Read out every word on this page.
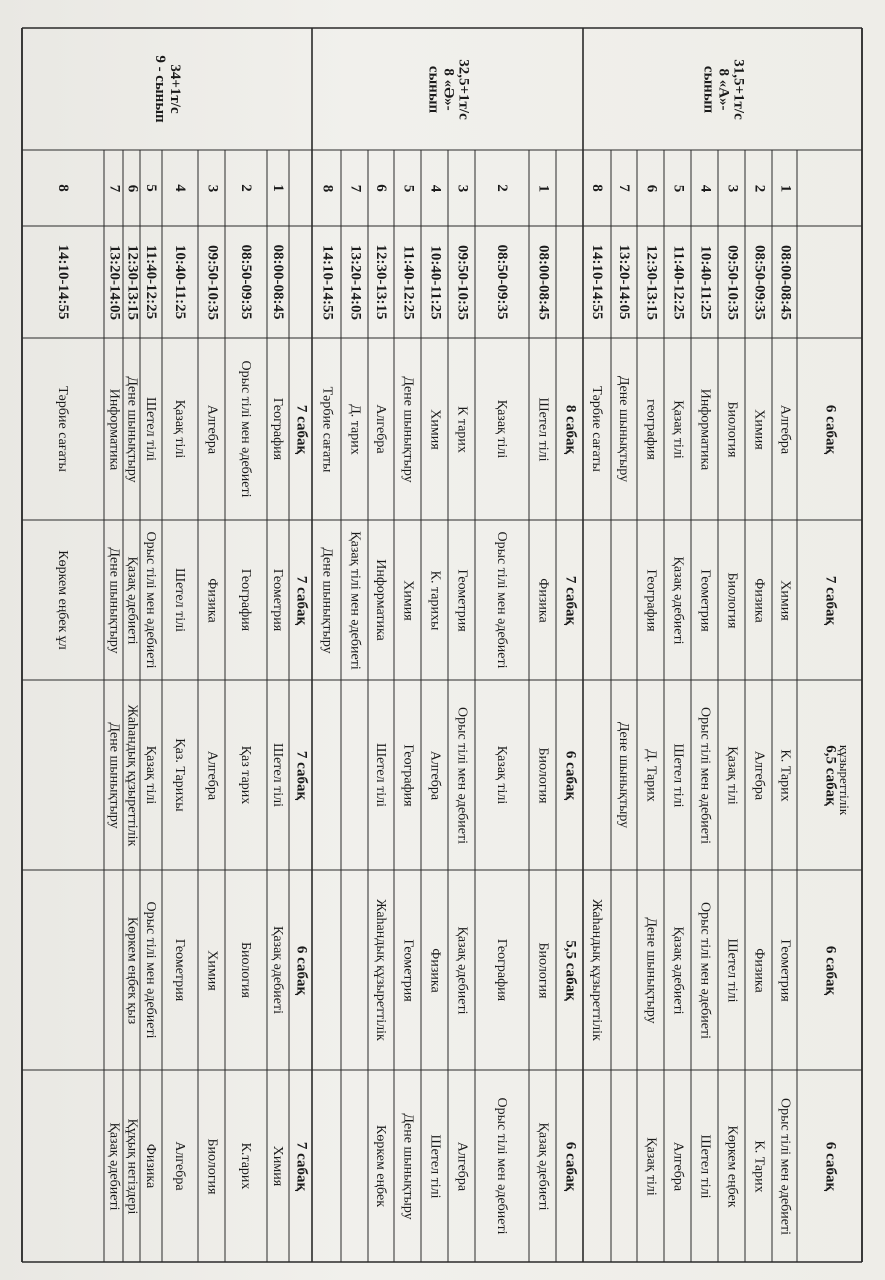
құзыреттілік
31,5+1т/с
8 «А»-
сынып
1
08:00-08:45
Алгебра
Химия
К. Тарих
Геометрия
Орыс тілі мен әдебиеті
2
08:50-09:35
Химия
Физика
Алгебра
Физика
К. Тарих
3
09:50-10:35
Биология
Биология
Қазақ тілі
Шетел тілі
Көркем еңбек
4
10:40-11:25
Информатика
Геометрия
Орыс тілі мен әдебиеті
Орыс тілі мен әдебиеті
Шетел тілі
5
11:40-12:25
Қазақ тілі
Қазақ әдебиеті
Шетел тілі
Қазақ әдебиеті
Алгебра
6
12:30-13:15
география
География
Д. Тарих
Дене шынықтыру
Қазақ тілі
7
13:20-14:05
Дене шынықтыру
Дене шынықтыру
8
14:10-14:55
Тәрбие сағаты
Жаһандық құзыреттілік
6 сабақ
7 сабақ
6,5 сабақ
6 сабақ
6 сабақ
32,5+1т/с
8 «Ә»-
сынып
1
08:00-08:45
Шетел тілі
Физика
Биология
Биология
Қазақ әдебиеті
2
08:50-09:35
Қазақ тілі
Орыс тілі мен әдебиеті
Қазақ тілі
География
Орыс тілі мен әдебиеті
3
09:50-10:35
К тарих
Геометрия
Орыс тілі мен әдебиеті
Қазақ әдебиеті
Алгебра
4
10:40-11:25
Химия
К. тарихы
Алгебра
Физика
Шетел тілі
5
11:40-12:25
Дене шынықтыру
Химия
География
Геометрия
Дене шынықтыру
6
12:30-13:15
Алгебра
Информатика
Шетел тілі
Жаһандық құзыреттілік
Көркем еңбек
7
13:20-14:05
Д. тарих
Қазақ тілі мен әдебиеті
8
14:10-14:55
Тәрбие сағаты
Дене шынықтыру
8 сабақ
7 сабақ
6 сабақ
5,5 сабақ
6 сабақ
34+1т/с
9 - сынып
1
08:00-08:45
География
Геометрия
Шетел тілі
Қазақ әдебиеті
Химия
2
08:50-09:35
Орыс тілі мен әдебиеті
География
Қаз тарих
Биология
К.тарих
3
09:50-10:35
Алгебра
Физика
Алгебра
Химия
Биология
4
10:40-11:25
Қазақ тілі
Шетел тілі
Қаз. Тарихы
Геометрия
Алгебра
5
11:40-12:25
Шетел тілі
Орыс тілі мен әдебиеті
Қазақ тілі
Орыс тілі мен әдебиеті
Физика
6
12:30-13:15
Дене шынықтыру
Қазақ әдебиеті
Жаһандық құзыреттілік
Көркем еңбек қыз
Құқық негіздері
7
13:20-14:05
Информатика
Дене шынықтыру
Дене шынықтыру
Қазақ әдебиеті
8
14:10-14:55
Тәрбие сағаты
Көркем еңбек ұл
7 сабақ
7 сабақ
7 сабақ
6 сабақ
7 сабақ
